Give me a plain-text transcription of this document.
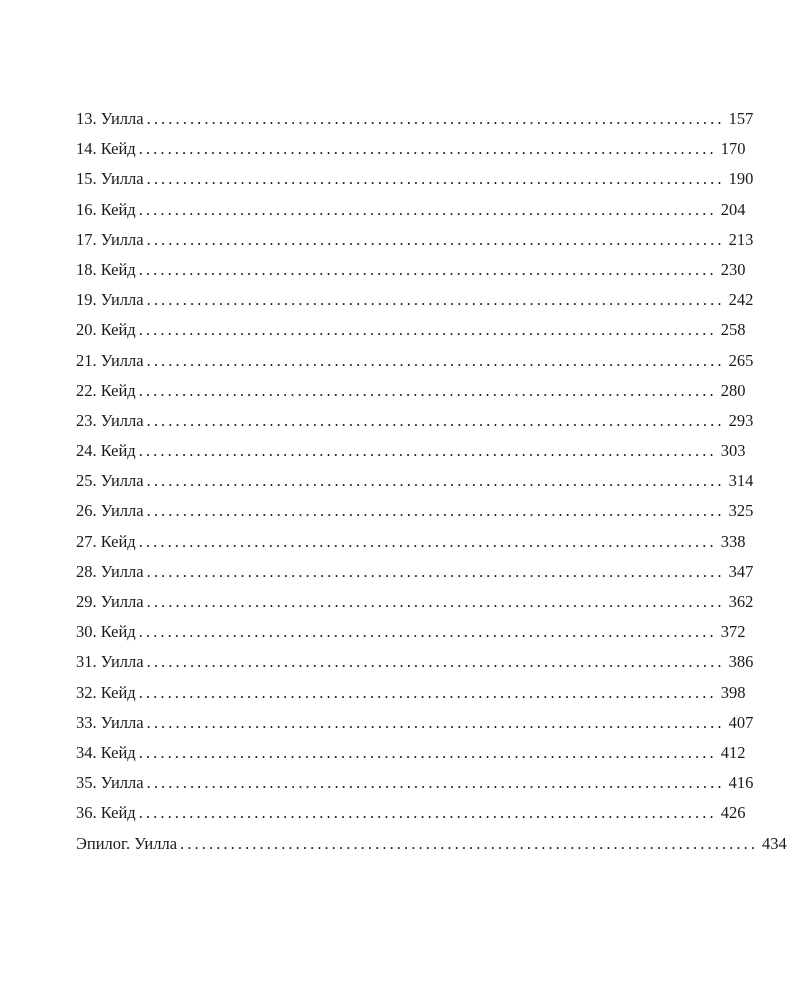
13. Уилла ................................................................................ 157
14. Кейд ................................................................................ 170
15. Уилла ................................................................................ 190
16. Кейд ................................................................................ 204
17. Уилла ................................................................................ 213
18. Кейд ................................................................................ 230
19. Уилла ................................................................................ 242
20. Кейд ................................................................................ 258
21. Уилла ................................................................................ 265
22. Кейд ................................................................................ 280
23. Уилла ................................................................................ 293
24. Кейд ................................................................................ 303
25. Уилла ................................................................................ 314
26. Уилла ................................................................................ 325
27. Кейд ................................................................................ 338
28. Уилла ................................................................................ 347
29. Уилла ................................................................................ 362
30. Кейд ................................................................................ 372
31. Уилла ................................................................................ 386
32. Кейд ................................................................................ 398
33. Уилла ................................................................................ 407
34. Кейд ................................................................................ 412
35. Уилла ................................................................................ 416
36. Кейд ................................................................................ 426
Эпилог. Уилла ................................................................................ 434
